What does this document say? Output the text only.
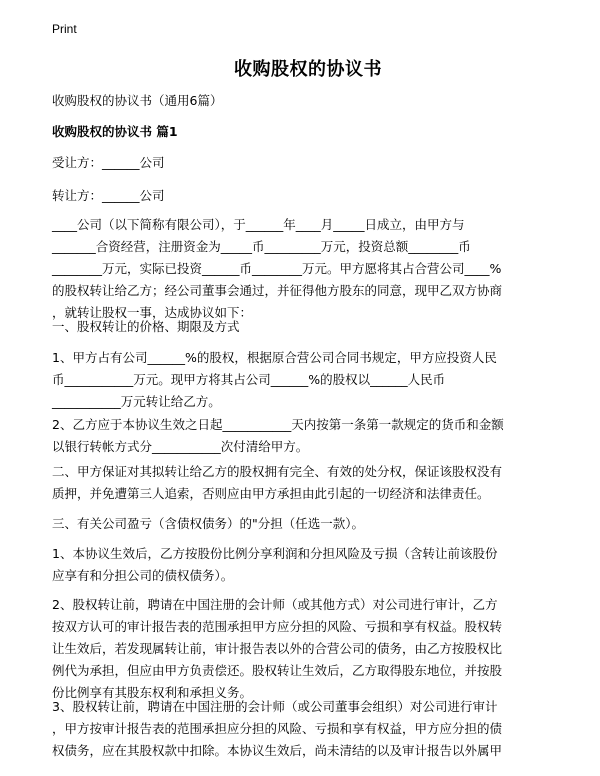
Print
收购股权的协议书
收购股权的协议书（通用6篇）
收购股权的协议书 篇1
受让方：______公司
转让方：______公司
____公司（以下简称有限公司），于______年____月_____日成立，由甲方与
_______合资经营，注册资金为_____币_________万元，投资总额________币
________万元，实际已投资______币________万元。甲方愿将其占合营公司____%
的股权转让给乙方；经公司董事会通过，并征得他方股东的同意，现甲乙双方协商
，就转让股权一事，达成协议如下：
一、股权转让的价格、期限及方式
1、甲方占有公司______%的股权，根据原合营公司合同书规定，甲方应投资人民
币___________万元。现甲方将其占公司______%的股权以______人民币
___________万元转让给乙方。
2、乙方应于本协议生效之日起___________天内按第一条第一款规定的货币和金额
以银行转帐方式分___________次付清给甲方。
二、甲方保证对其拟转让给乙方的股权拥有完全、有效的处分权，保证该股权没有
质押，并免遭第三人追索，否则应由甲方承担由此引起的一切经济和法律责任。
三、有关公司盈亏（含债权债务）的"分担（任选一款）。
1、本协议生效后，乙方按股份比例分享利润和分担风险及亏损（含转让前该股份
应享有和分担公司的债权债务）。
2、股权转让前，聘请在中国注册的会计师（或其他方式）对公司进行审计，乙方
按双方认可的审计报告表的范围承担甲方应分担的风险、亏损和享有权益。股权转
让生效后，若发现属转让前，审计报告表以外的合营公司的债务，由乙方按股权比
例代为承担，但应由甲方负责偿还。股权转让生效后，乙方取得股东地位，并按股
份比例享有其股东权利和承担义务。
3、股权转让前，聘请在中国注册的会计师（或公司董事会组织）对公司进行审计
，甲方按审计报告表的范围承担应分担的风险、亏损和享有权益，甲方应分担的债
权债务，应在其股权款中扣除。本协议生效后，尚未清结的以及审计报告以外属甲
